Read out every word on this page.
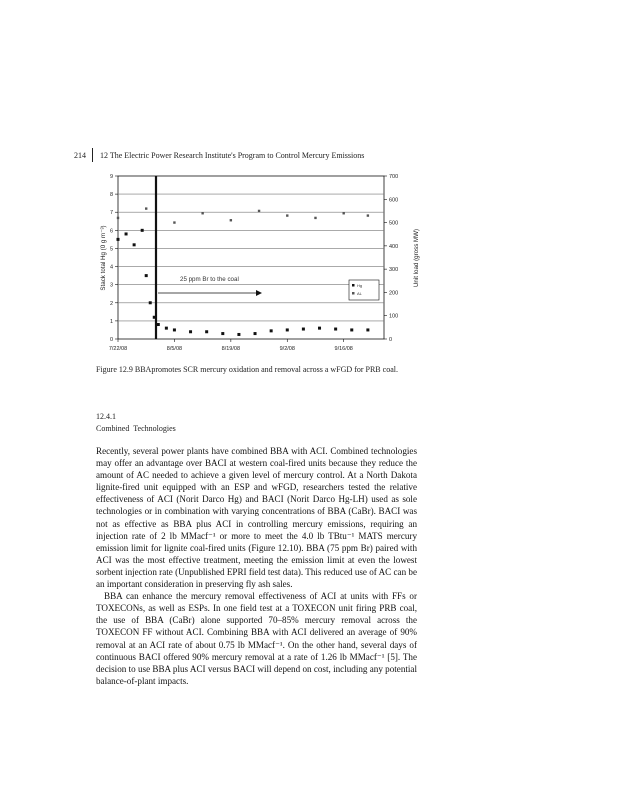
214 12 The Electric Power Research Institute's Program to Control Mercury Emissions
0
1
2
3
4
5
6
7
8
9
0
100
200
300
400
500
600
700
7/22/08	8/5/08	8/19/08	9/2/08	9/16/08
25 ppm Br to the coal
Hg
AL
Stack total Hg (0 g m⁻³)	Unit load (gross MW)
Figure 12.9 BBApromotes SCR mercury oxidation and removal across a wFGD for PRB coal.
12.4.1
Combined Technologies

Recently, several power plants have combined BBA with ACI. Combined technologies may offer an advantage over BACI at western coal-fired units because they reduce the amount of AC needed to achieve a given level of mercury control. At a North Dakota lignite-fired unit equipped with an ESP and wFGD, researchers tested the relative effectiveness of ACI (Norit Darco Hg) and BACI (Norit Darco Hg-LH) used as sole technologies or in combination with varying concentrations of BBA (CaBr). BACI was not as effective as BBA plus ACI in controlling mercury emissions, requiring an injection rate of 2 lb MMacf⁻¹ or more to meet the 4.0 lb TBtu⁻¹ MATS mercury emission limit for lignite coal-fired units (Figure 12.10). BBA (75 ppm Br) paired with ACI was the most effective treatment, meeting the emission limit at even the lowest sorbent injection rate (Unpublished EPRI field test data). This reduced use of AC can be an important consideration in preserving fly ash sales.

BBA can enhance the mercury removal effectiveness of ACI at units with FFs or TOXECONs, as well as ESPs. In one field test at a TOXECON unit firing PRB coal, the use of BBA (CaBr) alone supported 70–85% mercury removal across the TOXECON FF without ACI. Combining BBA with ACI delivered an average of 90% removal at an ACI rate of about 0.75 lb MMacf⁻¹. On the other hand, several days of continuous BACI offered 90% mercury removal at a rate of 1.26 lb MMacf⁻¹ [5]. The decision to use BBA plus ACI versus BACI will depend on cost, including any potential balance-of-plant impacts.
